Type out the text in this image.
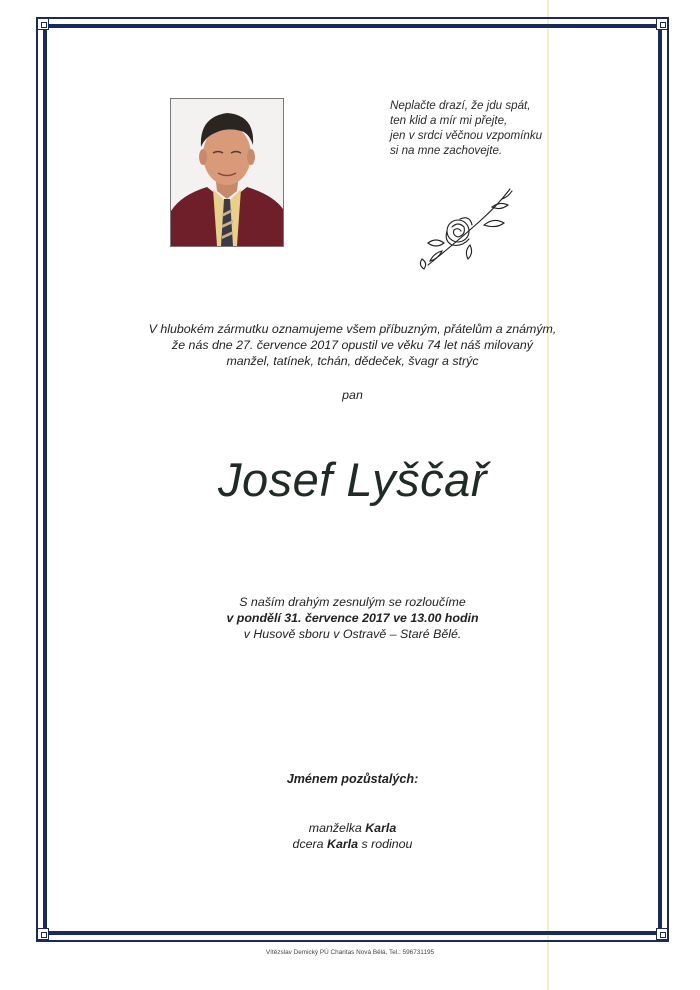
Neplačte drazí, že jdu spát,
ten klid a mír mi přejte,
jen v srdci věčnou vzpomínku
si na mne zachovejte.
V hlubokém zármutku oznamujeme všem příbuzným, přátelům a známým,
že nás dne 27. července 2017 opustil ve věku 74 let náš milovaný
manžel, tatínek, tchán, dědeček, švagr a strýc
pan
Josef Lyščař
S naším drahým zesnulým se rozloučíme
v pondělí 31. července 2017 ve 13.00 hodin
v Husově sboru v Ostravě – Staré Bělé.
Jménem pozůstalých:
manželka Karla
dcera Karla s rodinou
Vítězslav Demický PÚ Charitas Nová Bělá, Tel.: 596731195
